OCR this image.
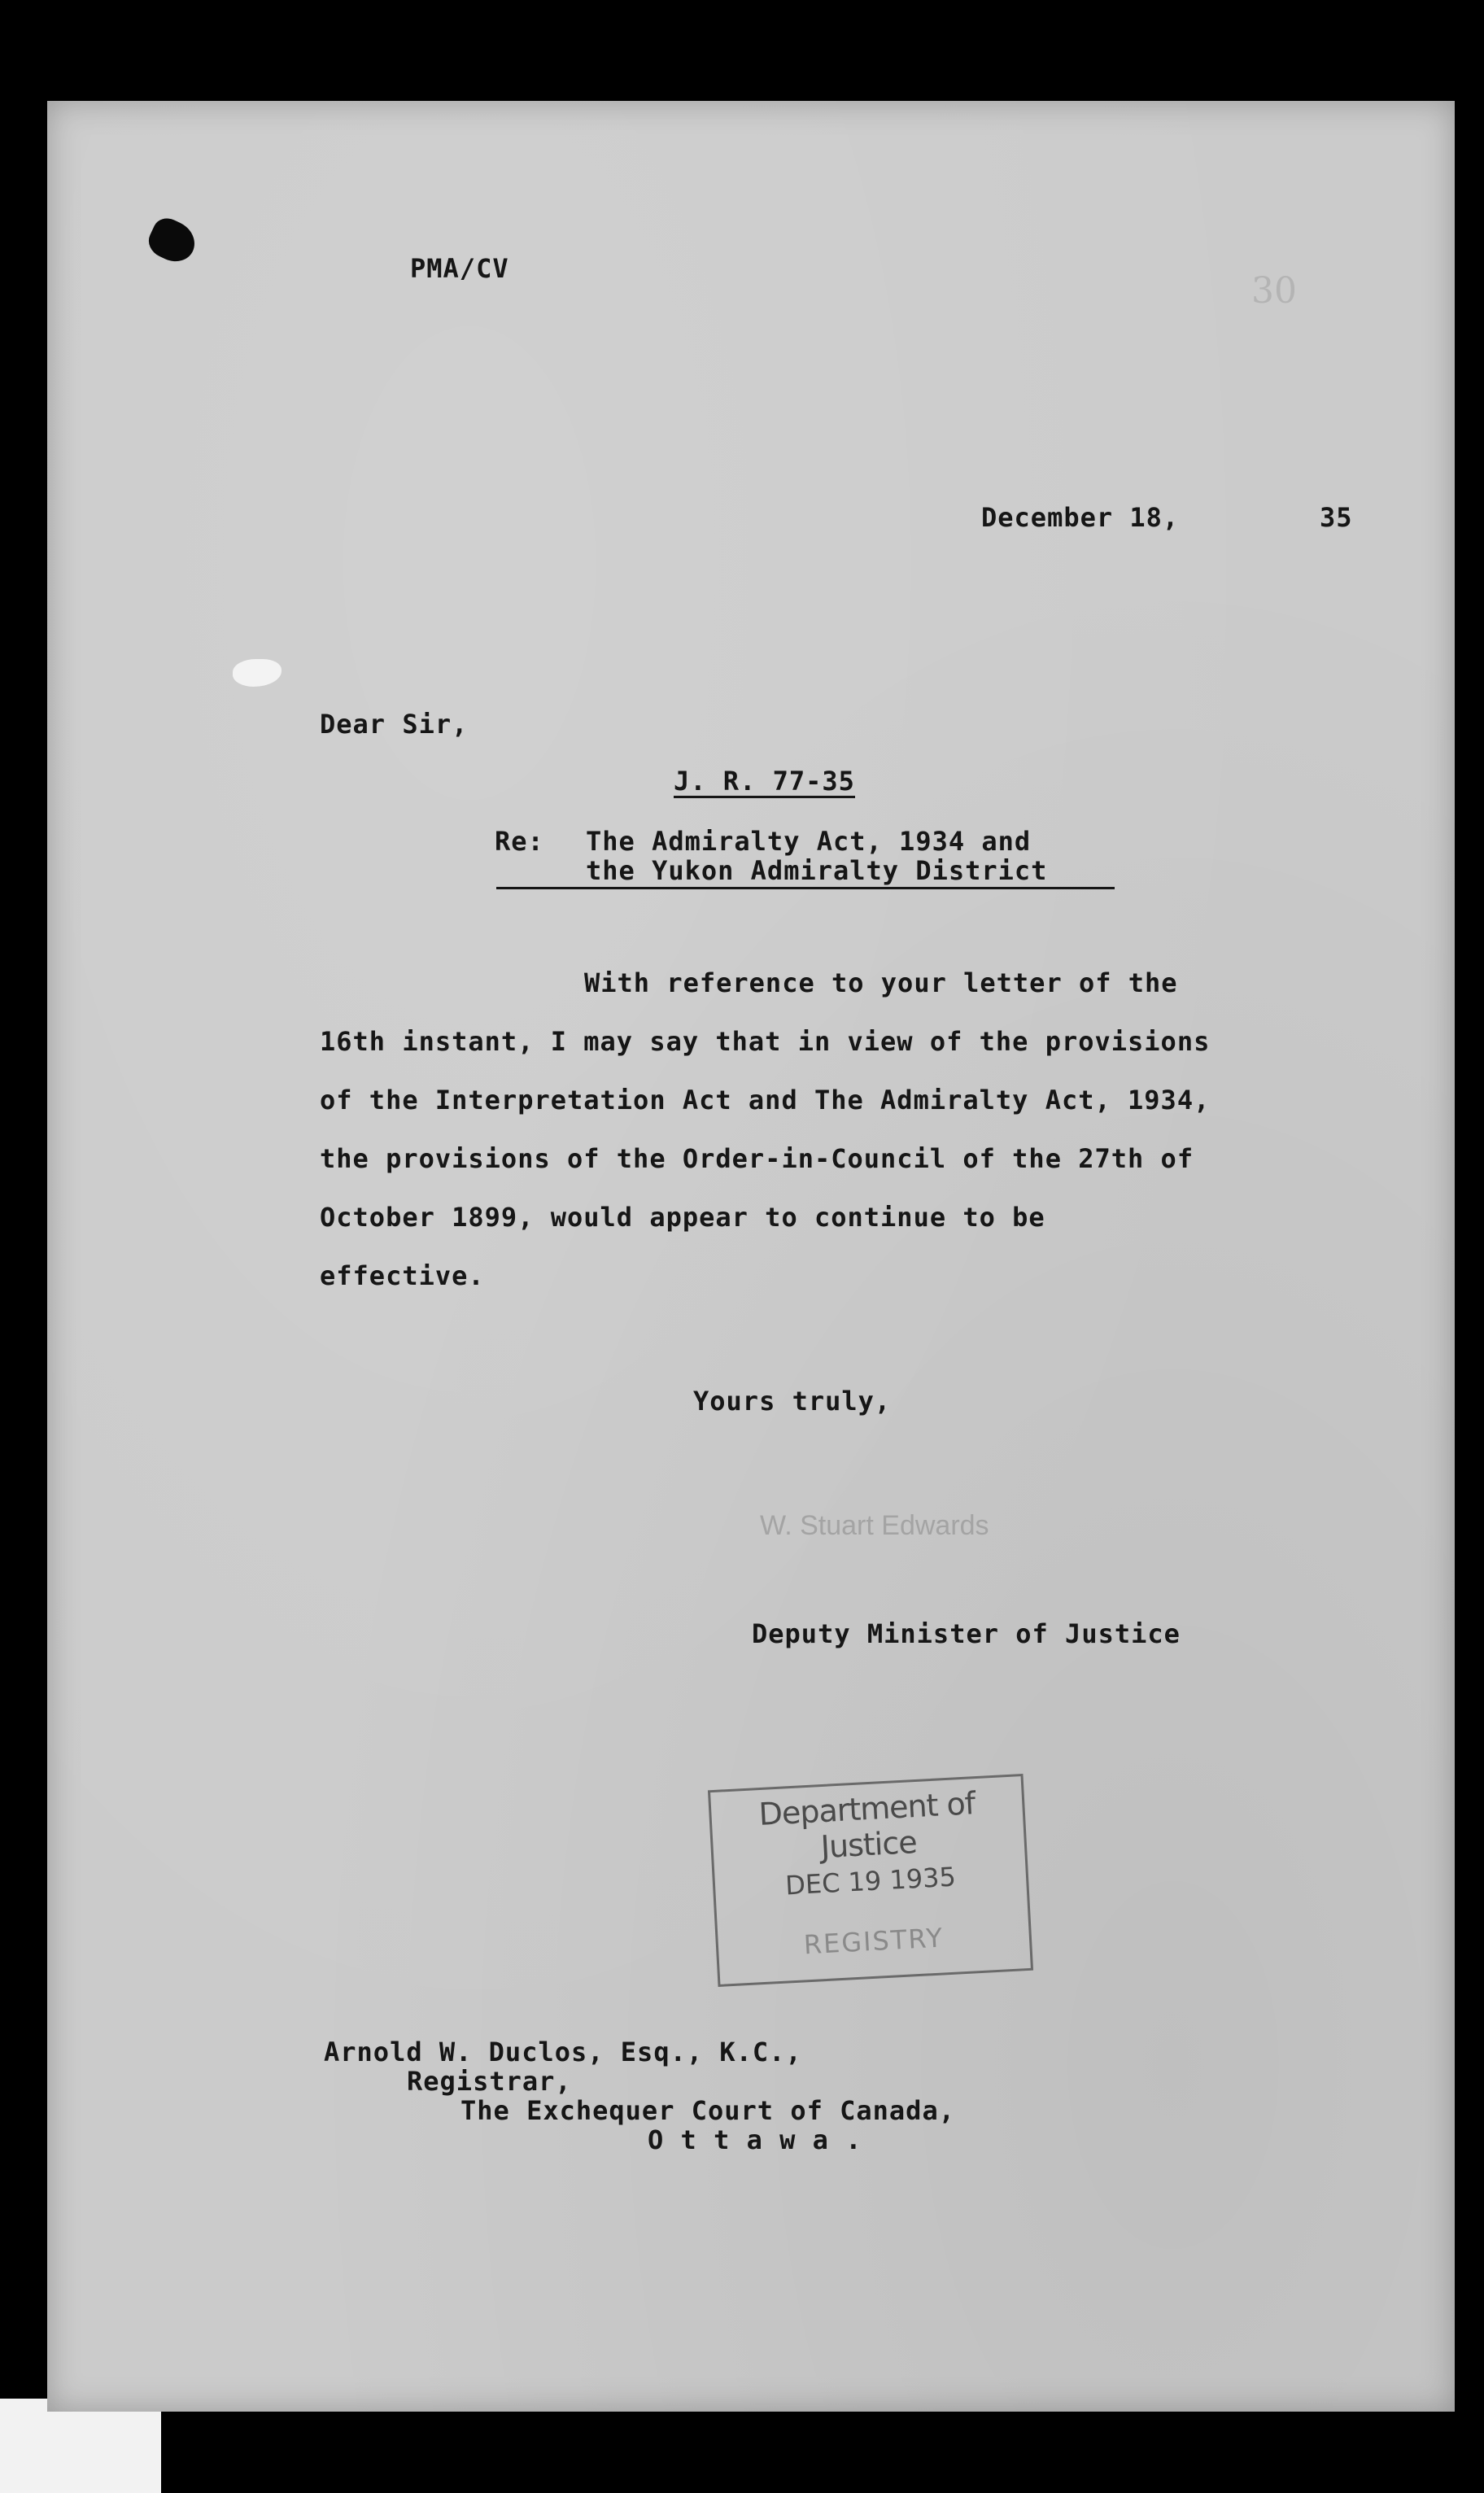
PMA/CV
30
December 18,	35
Dear Sir,
J. R. 77-35
Re: The Admiralty Act, 1934 and
the Yukon Admiralty District
With reference to your letter of the
16th instant, I may say that in view of the provisions
of the Interpretation Act and The Admiralty Act, 1934,
the provisions of the Order-in-Council of the 27th of
October 1899, would appear to continue to be
effective.
Yours truly,
W. Stuart Edwards
Deputy Minister of Justice
Department of Justice
DEC 19 1935
REGISTRY
Arnold W. Duclos, Esq., K.C.,
Registrar,
The Exchequer Court of Canada,
O t t a w a .
